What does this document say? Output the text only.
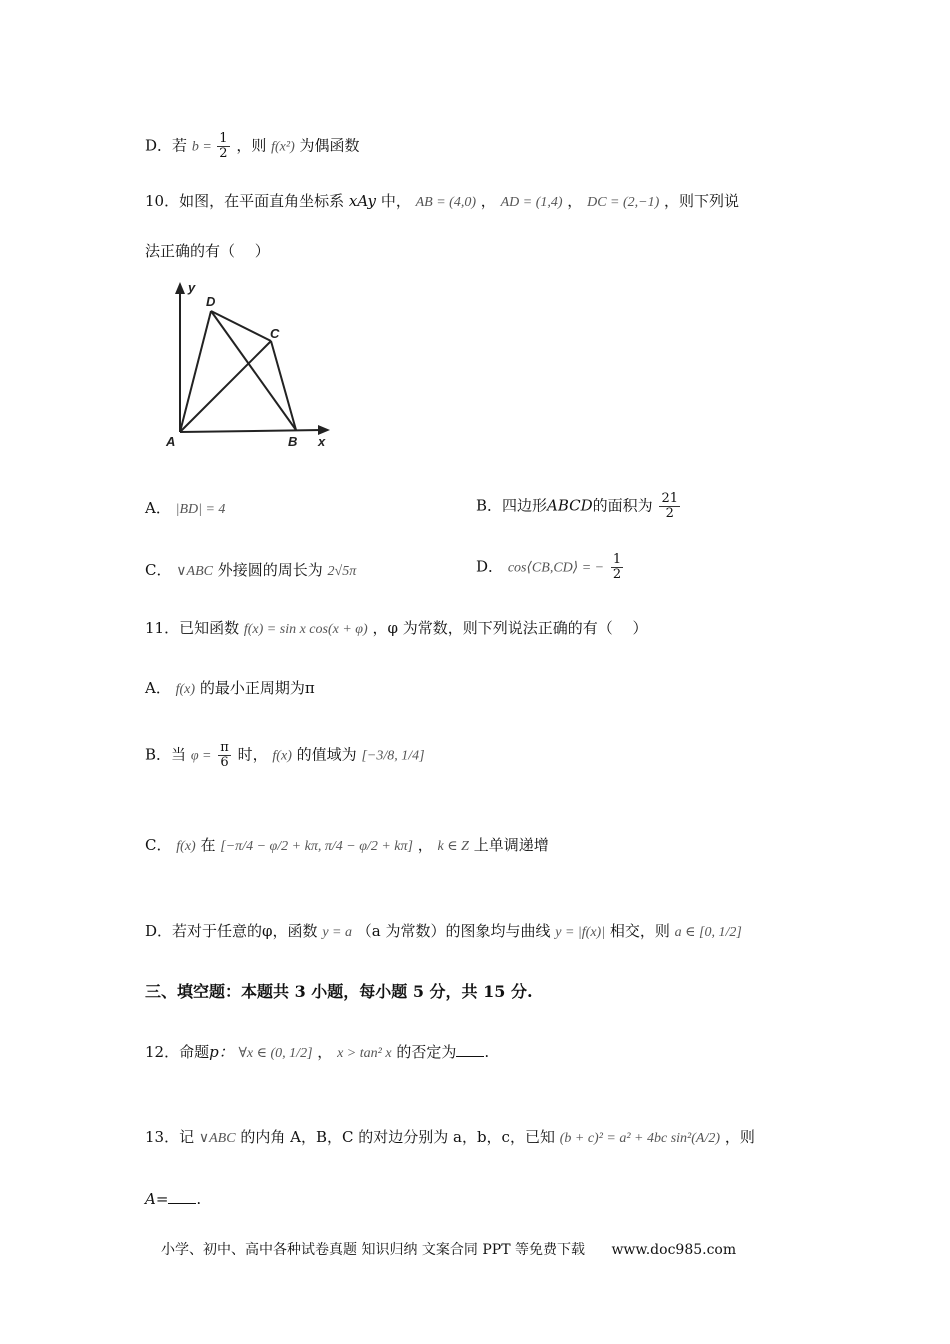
D．若 $b = \frac{1}{2}$ ，则 f(x²) 为偶函数
10．如图，在平面直角坐标系 xAy 中， AB = (4,0) ， AD = (1,4) ， DC = (2,−1) ，则下列说
法正确的有（　 ）
y
D
C
A	B x
A． |BD| = 4	B．四边形ABCD的面积为 $\frac{21}{2}$
C． ∨ABC 外接圆的周长为 2√5π	D． cos⟨CB,CD⟩ = − $\frac{1}{2}$
11．已知函数 f(x) = sin x cos(x + φ) ，φ 为常数，则下列说法正确的有（　 ）
A． f(x) 的最小正周期为π
B．当 $\varphi = \frac{\pi}{6}$ 时， f(x) 的值域为 [−3/8, 1/4]
C． f(x) 在 [−π/4 − φ/2 + kπ, π/4 − φ/2 + kπ] ， k ∈ Z 上单调递增
D．若对于任意的φ，函数 y = a （a 为常数）的图象均与曲线 y = |f(x)| 相交，则 a ∈ [0, 1/2]
三、填空题：本题共 3 小题，每小题 5 分，共 15 分.
12．命题p： ∀x ∈ (0, 1/2] ， x > tan² x 的否定为 .
13．记 ∨ABC 的内角 A，B，C 的对边分别为 a，b，c，已知 (b + c)² = a² + 4bc sin²(A/2) ，则
A= .
小学、初中、高中各种试卷真题 知识归纳 文案合同 PPT 等免费下载 www.doc985.com
